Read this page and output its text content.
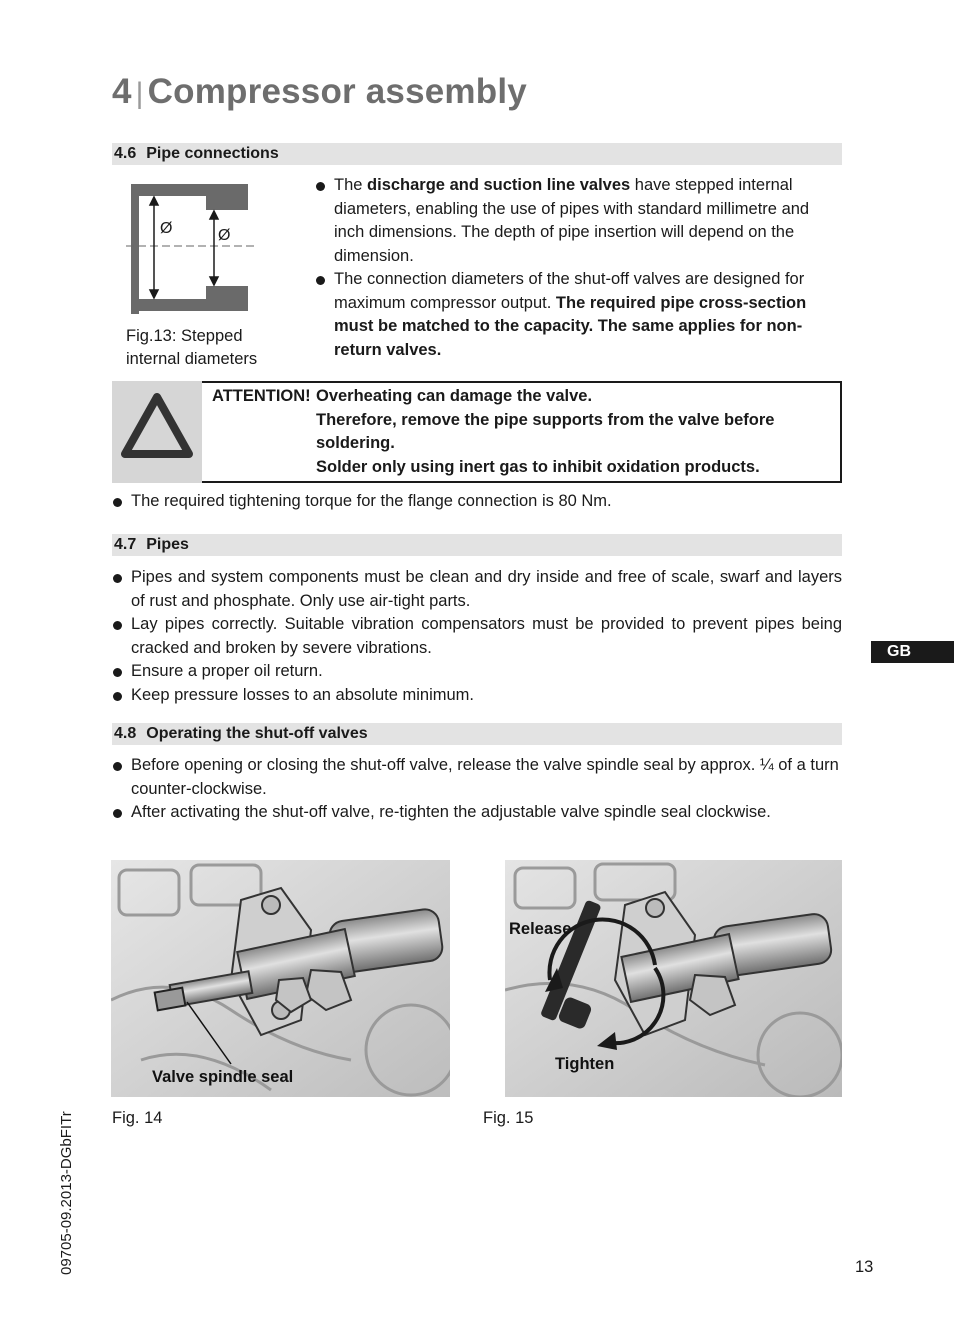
4 | Compressor assembly
4.6 Pipe connections
Ø	Ø
Fig.13: Stepped
internal diameters
The discharge and suction line valves have stepped internal diameters, enabling the use of pipes with standard millimetre and inch dimensions. The depth of pipe insertion will depend on the dimension.
The connection diameters of the shut-off valves are designed for maximum compressor output. The required pipe cross-section must be matched to the capacity. The same applies for non-return valves.
ATTENTION! Overheating can damage the valve.
Therefore, remove the pipe supports from the valve before soldering.
Solder only using inert gas to inhibit oxidation products.
The required tightening torque for the flange connection is 80 Nm.
4.7 Pipes
Pipes and system components must be clean and dry inside and free of scale, swarf and layers of rust and phosphate. Only use air-tight parts.
Lay pipes correctly. Suitable vibration compensators must be provided to prevent pipes being cracked and broken by severe vibrations.
Ensure a proper oil return.
Keep pressure losses to an absolute minimum.
GB
4.8 Operating the shut-off valves
Before opening or closing the shut-off valve, release the valve spindle seal by approx. ¼ of a turn counter-clockwise.
After activating the shut-off valve, re-tighten the adjustable valve spindle seal clockwise.
Valve spindle seal
Fig. 14
Release
Tighten
Fig. 15
09705-09.2013-DGbFITr	13
